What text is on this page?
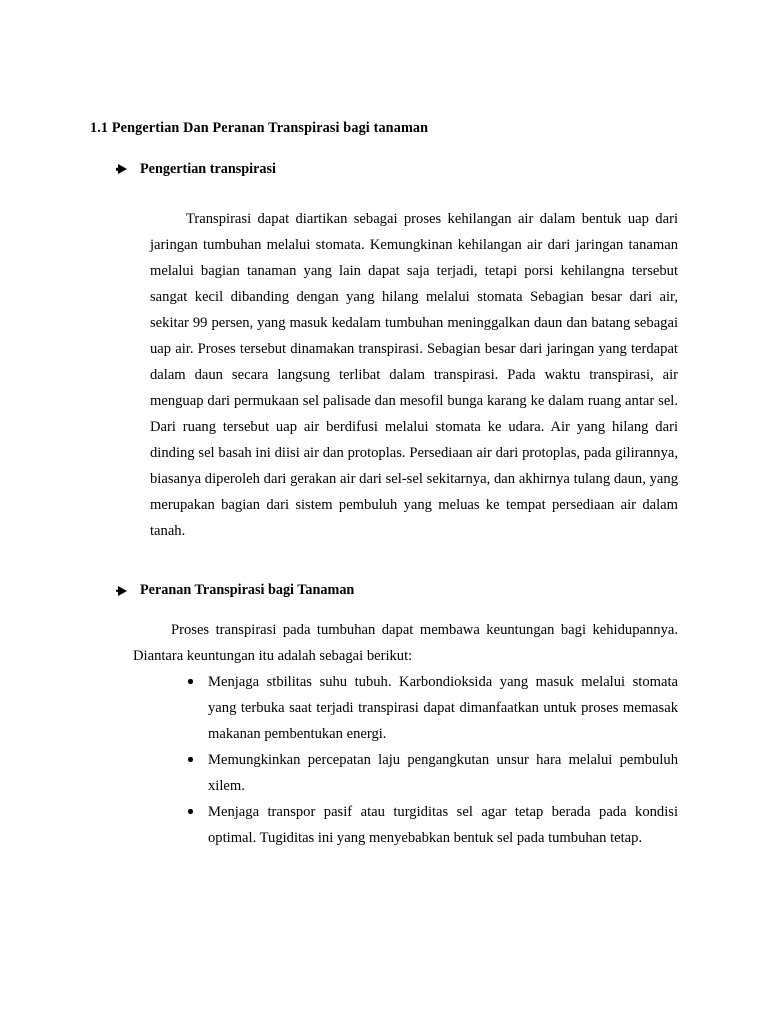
1.1 Pengertian Dan Peranan Transpirasi bagi tanaman
Pengertian transpirasi

Transpirasi dapat diartikan sebagai proses kehilangan air dalam bentuk uap dari jaringan tumbuhan melalui stomata. Kemungkinan kehilangan air dari jaringan tanaman melalui bagian tanaman yang lain dapat saja terjadi, tetapi porsi kehilangna tersebut sangat kecil dibanding dengan yang hilang melalui stomata Sebagian besar dari air, sekitar 99 persen, yang masuk kedalam tumbuhan meninggalkan daun dan batang sebagai uap air. Proses tersebut dinamakan transpirasi. Sebagian besar dari jaringan yang terdapat dalam daun secara langsung terlibat dalam transpirasi. Pada waktu transpirasi, air menguap dari permukaan sel palisade dan mesofil bunga karang ke dalam ruang antar sel. Dari ruang tersebut uap air berdifusi melalui stomata ke udara. Air yang hilang dari dinding sel basah ini diisi air dan protoplas. Persediaan air dari protoplas, pada gilirannya, biasanya diperoleh dari gerakan air dari sel-sel sekitarnya, dan akhirnya tulang daun, yang merupakan bagian dari sistem pembuluh yang meluas ke tempat persediaan air dalam tanah.

Peranan Transpirasi bagi Tanaman

Proses transpirasi pada tumbuhan dapat membawa keuntungan bagi kehidupannya. Diantara keuntungan itu adalah sebagai berikut:

Menjaga stbilitas suhu tubuh. Karbondioksida yang masuk melalui stomata yang terbuka saat terjadi transpirasi dapat dimanfaatkan untuk proses memasak makanan pembentukan energi.
Memungkinkan percepatan laju pengangkutan unsur hara melalui pembuluh xilem.
Menjaga transpor pasif atau turgiditas sel agar tetap berada pada kondisi optimal. Tugiditas ini yang menyebabkan bentuk sel pada tumbuhan tetap.
